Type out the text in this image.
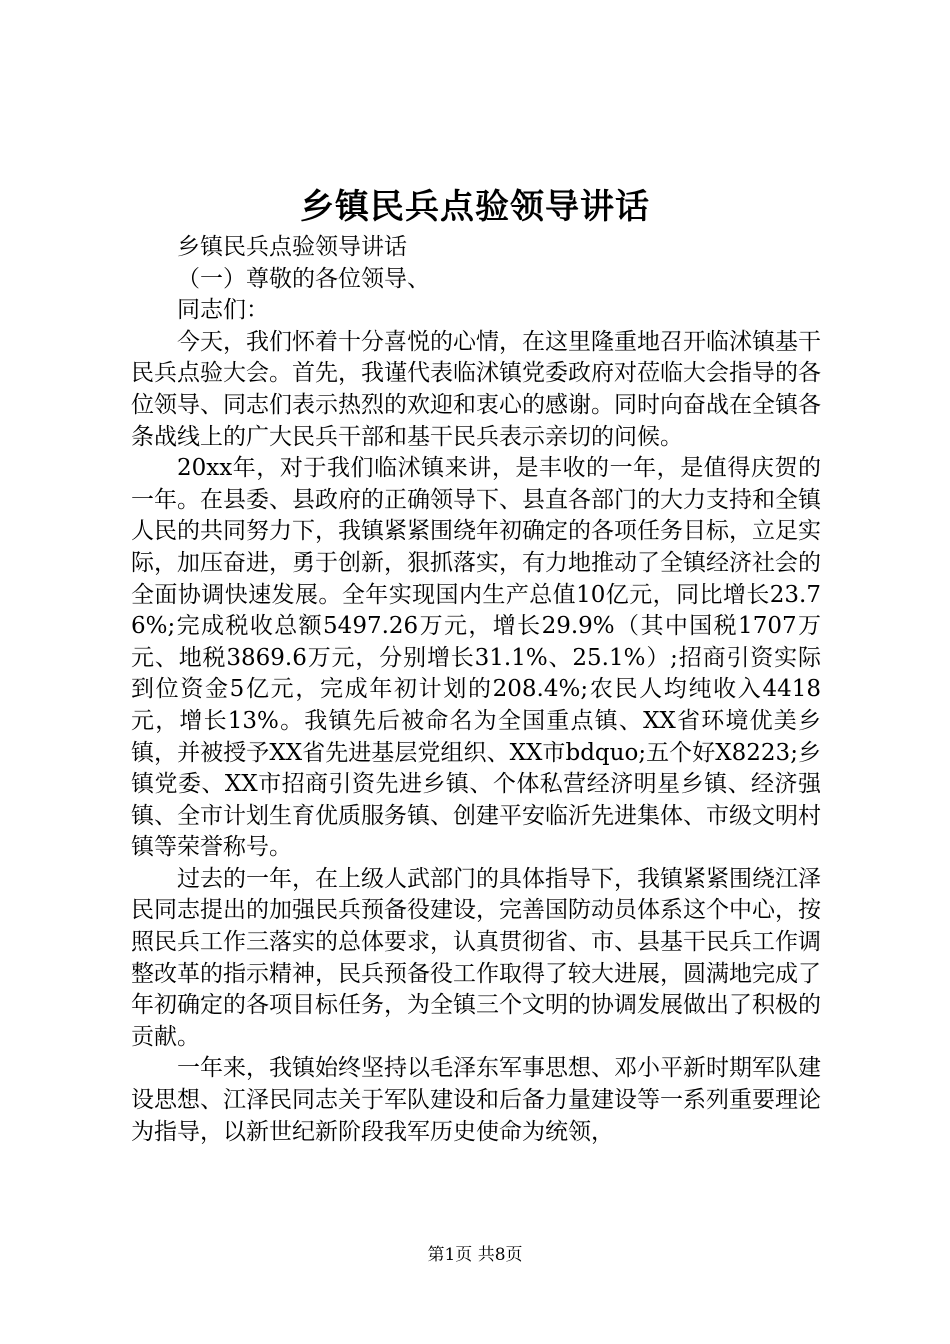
乡镇民兵点验领导讲话

乡镇民兵点验领导讲话

（一）尊敬的各位领导、

同志们：

今天，我们怀着十分喜悦的心情，在这里隆重地召开临沭镇基干民兵点验大会。首先，我谨代表临沭镇党委政府对莅临大会指导的各位领导、同志们表示热烈的欢迎和衷心的感谢。同时向奋战在全镇各条战线上的广大民兵干部和基干民兵表示亲切的问候。

20xx年，对于我们临沭镇来讲，是丰收的一年，是值得庆贺的一年。在县委、县政府的正确领导下、县直各部门的大力支持和全镇人民的共同努力下，我镇紧紧围绕年初确定的各项任务目标，立足实际，加压奋进，勇于创新，狠抓落实，有力地推动了全镇经济社会的全面协调快速发展。全年实现国内生产总值10亿元，同比增长23.76%;完成税收总额5497.26万元，增长29.9%（其中国税1707万元、地税3869.6万元，分别增长31.1%、25.1%）;招商引资实际到位资金5亿元，完成年初计划的208.4%;农民人均纯收入4418元，增长13%。我镇先后被命名为全国重点镇、XX省环境优美乡镇，并被授予XX省先进基层党组织、XX市bdquo;五个好X8223;乡镇党委、XX市招商引资先进乡镇、个体私营经济明星乡镇、经济强镇、全市计划生育优质服务镇、创建平安临沂先进集体、市级文明村镇等荣誉称号。

过去的一年，在上级人武部门的具体指导下，我镇紧紧围绕江泽民同志提出的加强民兵预备役建设，完善国防动员体系这个中心，按照民兵工作三落实的总体要求，认真贯彻省、市、县基干民兵工作调整改革的指示精神，民兵预备役工作取得了较大进展，圆满地完成了年初确定的各项目标任务，为全镇三个文明的协调发展做出了积极的贡献。

一年来，我镇始终坚持以毛泽东军事思想、邓小平新时期军队建设思想、江泽民同志关于军队建设和后备力量建设等一系列重要理论为指导，以新世纪新阶段我军历史使命为统领，

第1页 共8页
